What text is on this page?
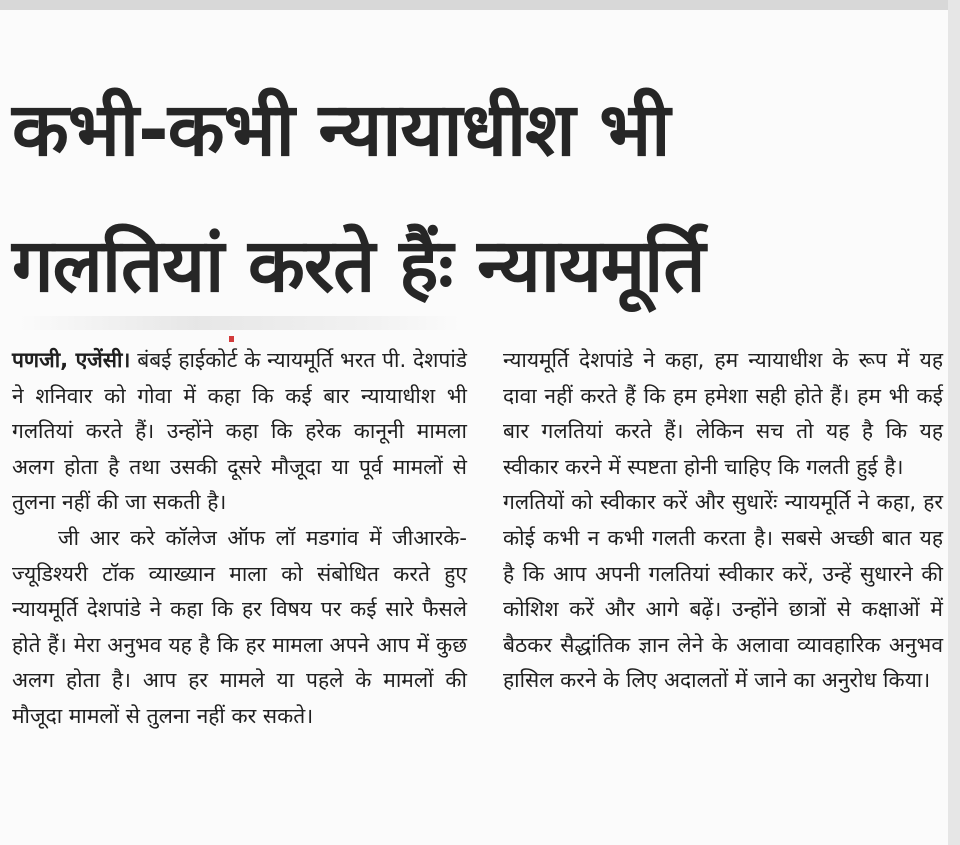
कभी-कभी न्यायाधीश भी
गलतियां करते हैंः न्यायमूर्ति

पणजी, एजेंसी। बंबई हाईकोर्ट के न्यायमूर्ति भरत पी. देशपांडे ने शनिवार को गोवा में कहा कि कई बार न्यायाधीश भी गलतियां करते हैं। उन्होंने कहा कि हरेक कानूनी मामला अलग होता है तथा उसकी दूसरे मौजूदा या पूर्व मामलों से तुलना नहीं की जा सकती है।

जी आर करे कॉलेज ऑफ लॉ मडगांव में जीआरके- ज्यूडिश्यरी टॉक व्याख्यान माला को संबोधित करते हुए न्यायमूर्ति देशपांडे ने कहा कि हर विषय पर कई सारे फैसले होते हैं। मेरा अनुभव यह है कि हर मामला अपने आप में कुछ अलग होता है। आप हर मामले या पहले के मामलों की मौजूदा मामलों से तुलना नहीं कर सकते।

न्यायमूर्ति देशपांडे ने कहा, हम न्यायाधीश के रूप में यह दावा नहीं करते हैं कि हम हमेशा सही होते हैं। हम भी कई बार गलतियां करते हैं। लेकिन सच तो यह है कि यह स्वीकार करने में स्पष्टता होनी चाहिए कि गलती हुई है।

गलतियों को स्वीकार करें और सुधारेंः न्यायमूर्ति ने कहा, हर कोई कभी न कभी गलती करता है। सबसे अच्छी बात यह है कि आप अपनी गलतियां स्वीकार करें, उन्हें सुधारने की कोशिश करें और आगे बढ़ें। उन्होंने छात्रों से कक्षाओं में बैठकर सैद्धांतिक ज्ञान लेने के अलावा व्यावहारिक अनुभव हासिल करने के लिए अदालतों में जाने का अनुरोध किया।
